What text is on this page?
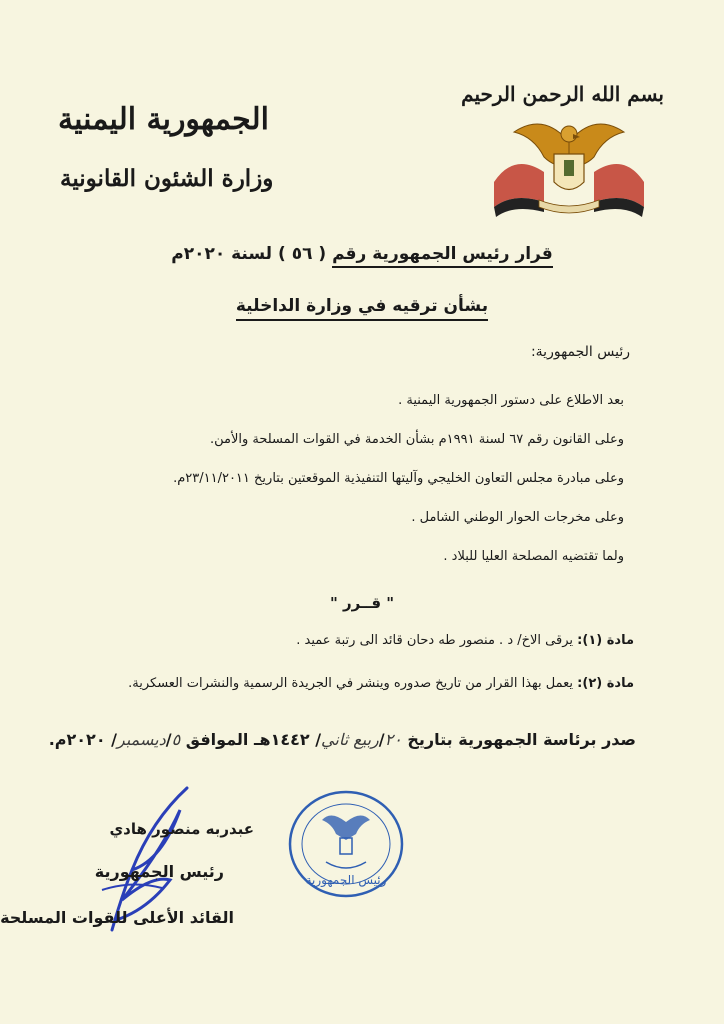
بسم الله الرحمن الرحيم
الجمهورية اليمنية
وزارة الشئون القانونية
قرار رئيس الجمهورية رقم ( ٥٦ ) لسنة ٢٠٢٠م
بشأن ترقيه في وزارة الداخلية
رئيس الجمهورية:

بعد الاطلاع على دستور الجمهورية اليمنية .

وعلى القانون رقم ٦٧ لسنة ١٩٩١م بشأن الخدمة في القوات المسلحة والأمن.

وعلى مبادرة مجلس التعاون الخليجي وآليتها التنفيذية الموقعتين بتاريخ ٢٣/١١/٢٠١١م.

وعلى مخرجات الحوار الوطني الشامل .

ولما تقتضيه المصلحة العليا للبلاد .

" قــرر "
مادة (١): يرقى الاخ/ د . منصور طه دحان قائد الى رتبة عميد .
مادة (٢): يعمل بهذا القرار من تاريخ صدوره وينشر في الجريدة الرسمية والنشرات العسكرية.
صدر برئاسة الجمهورية بتاريخ ٢٠/ربيع ثاني/ ١٤٤٢هـ الموافق ٥/ديسمبر/ ٢٠٢٠م.
عبدربه منصور هادي
رئيس الجمهورية
القائد الأعلى للقوات المسلحة
رئيس الجمهورية
